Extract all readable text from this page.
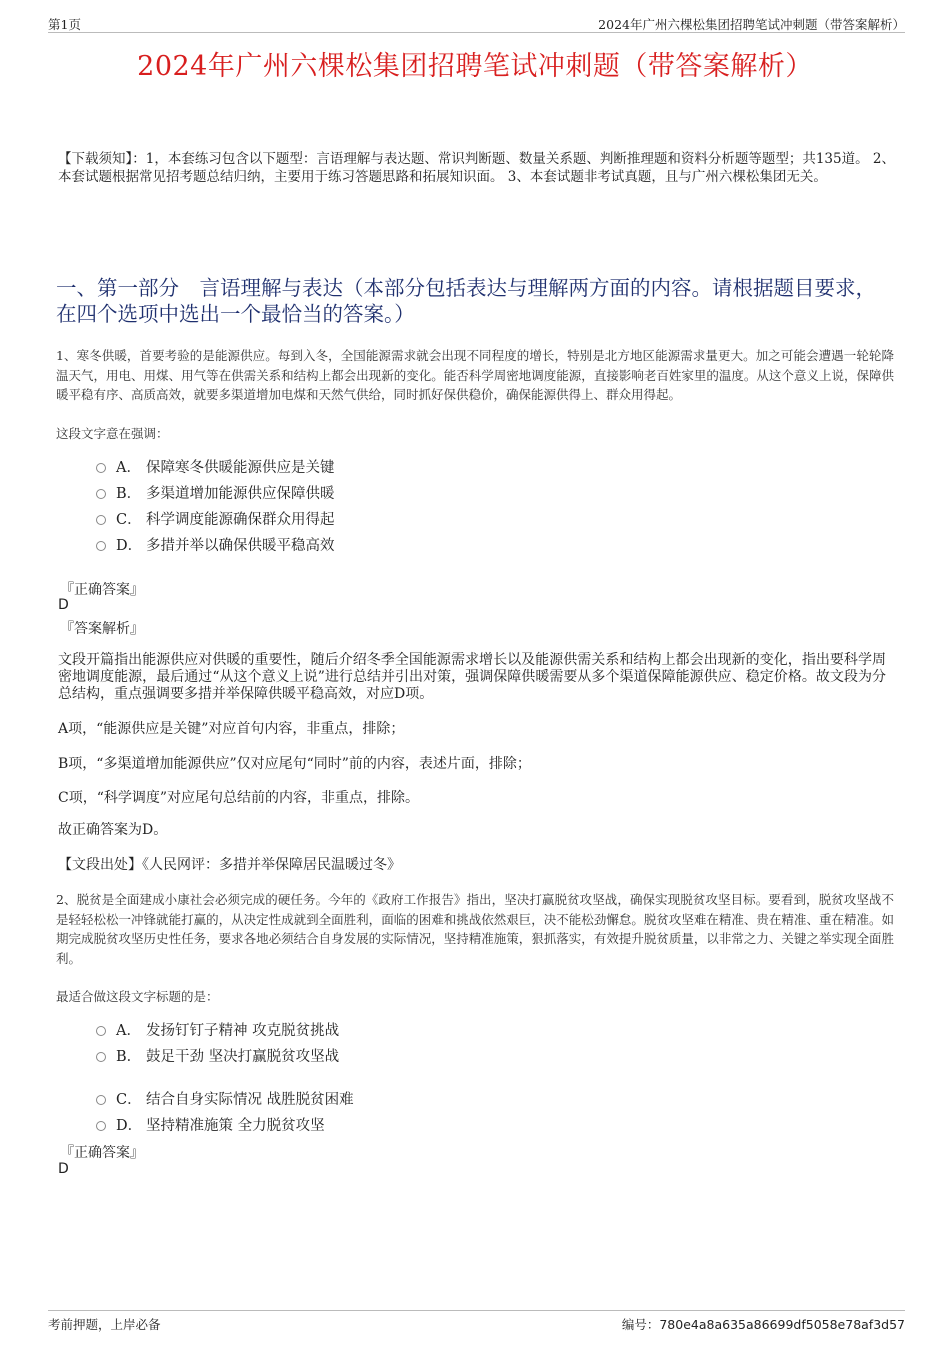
第1页	2024年广州六棵松集团招聘笔试冲刺题（带答案解析）
2024年广州六棵松集团招聘笔试冲刺题（带答案解析）
【下载须知】：1，本套练习包含以下题型：言语理解与表达题、常识判断题、数量关系题、判断推理题和资料分析题等题型；共135道。 2、本套试题根据常见招考题总结归纳，主要用于练习答题思路和拓展知识面。 3、本套试题非考试真题，且与广州六棵松集团无关。
一、第一部分　言语理解与表达（本部分包括表达与理解两方面的内容。请根据题目要求，在四个选项中选出一个最恰当的答案。）
1、寒冬供暖，首要考验的是能源供应。每到入冬，全国能源需求就会出现不同程度的增长，特别是北方地区能源需求量更大。加之可能会遭遇一轮轮降温天气，用电、用煤、用气等在供需关系和结构上都会出现新的变化。能否科学周密地调度能源，直接影响老百姓家里的温度。从这个意义上说，保障供暖平稳有序、高质高效，就要多渠道增加电煤和天然气供给，同时抓好保供稳价，确保能源供得上、群众用得起。
这段文字意在强调：
A． 保障寒冬供暖能源供应是关键
B． 多渠道增加能源供应保障供暖
C． 科学调度能源确保群众用得起
D． 多措并举以确保供暖平稳高效
『正确答案』
D
『答案解析』
文段开篇指出能源供应对供暖的重要性，随后介绍冬季全国能源需求增长以及能源供需关系和结构上都会出现新的变化，指出要科学周密地调度能源，最后通过“从这个意义上说”进行总结并引出对策，强调保障供暖需要从多个渠道保障能源供应、稳定价格。故文段为分总结构，重点强调要多措并举保障供暖平稳高效，对应D项。
A项，“能源供应是关键”对应首句内容，非重点，排除；
B项，“多渠道增加能源供应”仅对应尾句“同时”前的内容，表述片面，排除；
C项，“科学调度”对应尾句总结前的内容，非重点，排除。
故正确答案为D。
【文段出处】《人民网评：多措并举保障居民温暖过冬》
2、脱贫是全面建成小康社会必须完成的硬任务。今年的《政府工作报告》指出，坚决打赢脱贫攻坚战，确保实现脱贫攻坚目标。要看到，脱贫攻坚战不是轻轻松松一冲锋就能打赢的，从决定性成就到全面胜利，面临的困难和挑战依然艰巨，决不能松劲懈怠。脱贫攻坚难在精准、贵在精准、重在精准。如期完成脱贫攻坚历史性任务，要求各地必须结合自身发展的实际情况，坚持精准施策，狠抓落实，有效提升脱贫质量，以非常之力、关键之举实现全面胜利。
最适合做这段文字标题的是：
A． 发扬钉钉子精神 攻克脱贫挑战
B． 鼓足干劲 坚决打赢脱贫攻坚战
C． 结合自身实际情况 战胜脱贫困难
D． 坚持精准施策 全力脱贫攻坚
『正确答案』
D
考前押题，上岸必备	编号：780e4a8a635a86699df5058e78af3d57
